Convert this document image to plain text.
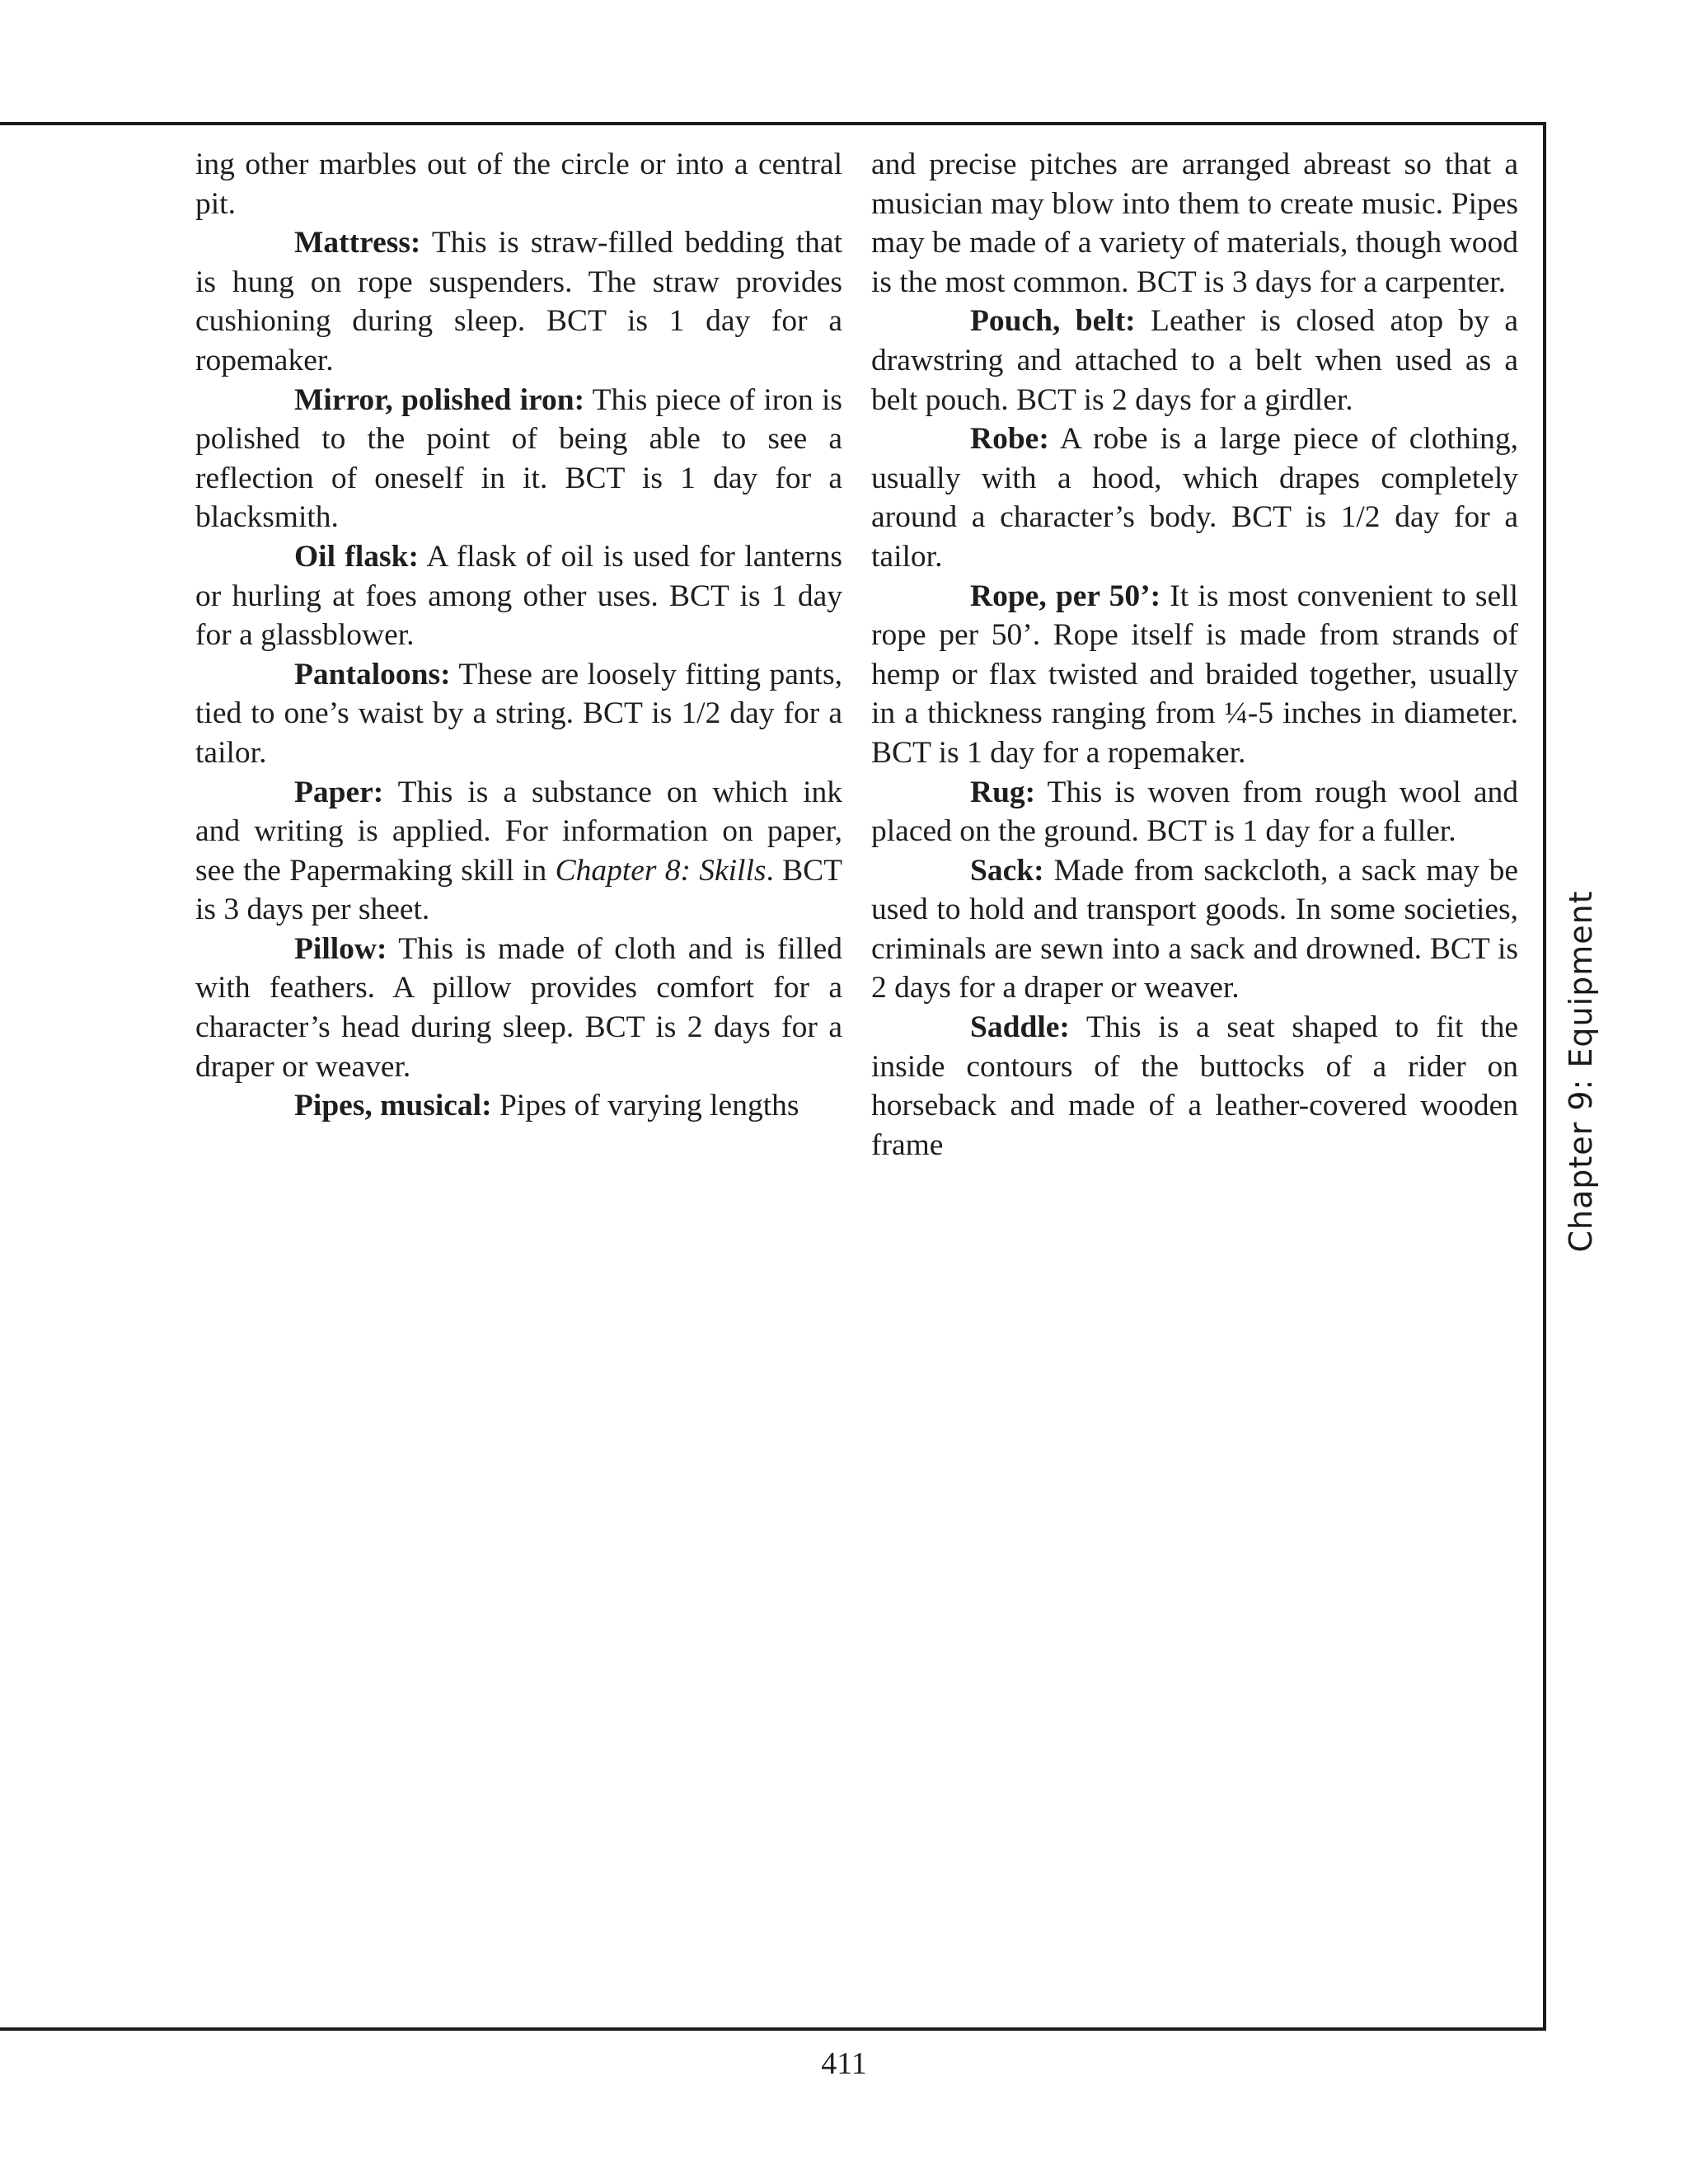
ing other marbles out of the circle or into a central pit.

Mattress: This is straw-filled bedding that is hung on rope suspenders. The straw provides cushioning during sleep. BCT is 1 day for a ropemaker.

Mirror, polished iron: This piece of iron is polished to the point of being able to see a reflection of oneself in it. BCT is 1 day for a blacksmith.

Oil flask: A flask of oil is used for lanterns or hurling at foes among other uses. BCT is 1 day for a glassblower.

Pantaloons: These are loosely fitting pants, tied to one’s waist by a string. BCT is 1/2 day for a tailor.

Paper: This is a substance on which ink and writing is applied. For information on paper, see the Papermaking skill in Chapter 8: Skills. BCT is 3 days per sheet.

Pillow: This is made of cloth and is filled with feathers. A pillow provides comfort for a character’s head during sleep. BCT is 2 days for a draper or weaver.

Pipes, musical: Pipes of varying lengths

and precise pitches are arranged abreast so that a musician may blow into them to create music. Pipes may be made of a variety of materials, though wood is the most common. BCT is 3 days for a carpenter.

Pouch, belt: Leather is closed atop by a drawstring and attached to a belt when used as a belt pouch. BCT is 2 days for a girdler.

Robe: A robe is a large piece of clothing, usually with a hood, which drapes completely around a character’s body. BCT is 1/2 day for a tailor.

Rope, per 50’: It is most convenient to sell rope per 50’. Rope itself is made from strands of hemp or flax twisted and braided together, usually in a thickness ranging from ¼-5 inches in diameter. BCT is 1 day for a ropemaker.

Rug: This is woven from rough wool and placed on the ground. BCT is 1 day for a fuller.

Sack: Made from sackcloth, a sack may be used to hold and transport goods. In some societies, criminals are sewn into a sack and drowned. BCT is 2 days for a draper or weaver.

Saddle: This is a seat shaped to fit the inside contours of the buttocks of a rider on horseback and made of a leather-covered wooden frame	Chapter 9: Equipment
411
